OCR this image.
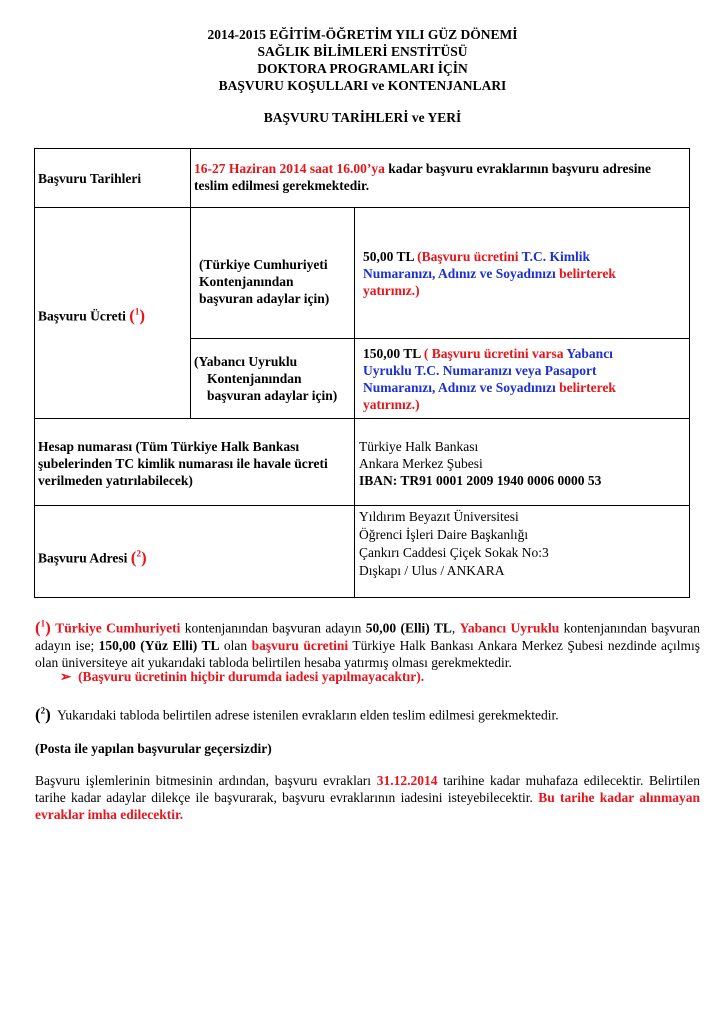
2014-2015 EĞİTİM-ÖĞRETİM YILI GÜZ DÖNEMİ
SAĞLIK BİLİMLERİ ENSTİTÜSÜ
DOKTORA PROGRAMLARI İÇİN
BAŞVURU KOŞULLARI ve KONTENJANLARI
BAŞVURU TARİHLERİ ve YERİ
Başvuru Tarihleri
16-27 Haziran 2014 saat 16.00’ya kadar başvuru evraklarının başvuru adresine teslim edilmesi gerekmektedir.
Başvuru Ücreti ($^1$)
(Türkiye Cumhuriyeti Kontenjanından başvuran adaylar için)
50,00 TL (Başvuru ücretini T.C. Kimlik Numaranızı, Adınız ve Soyadınızı belirterek yatırınız.)
(Yabancı Uyruklu
Kontenjanından başvuran adaylar için)
150,00 TL ( Başvuru ücretini varsa Yabancı Uyruklu T.C. Numaranızı veya Pasaport Numaranızı, Adınız ve Soyadınızı belirterek yatırınız.)
Hesap numarası (Tüm Türkiye Halk Bankası şubelerinden TC kimlik numarası ile havale ücreti verilmeden yatırılabilecek)
Türkiye Halk Bankası
Ankara Merkez Şubesi
IBAN: TR91 0001 2009 1940 0006 0000 53
Başvuru Adresi ($^2$)
Yıldırım Beyazıt Üniversitesi
Öğrenci İşleri Daire Başkanlığı
Çankırı Caddesi Çiçek Sokak No:3
Dışkapı / Ulus / ANKARA
($^1$) Türkiye Cumhuriyeti kontenjanından başvuran adayın 50,00 (Elli) TL, Yabancı Uyruklu kontenjanından başvuran adayın ise; 150,00 (Yüz Elli) TL olan başvuru ücretini Türkiye Halk Bankası Ankara Merkez Şubesi nezdinde açılmış olan üniversiteye ait yukarıdaki tabloda belirtilen hesaba yatırmış olması gerekmektedir.
➢ (Başvuru ücretinin hiçbir durumda iadesi yapılmayacaktır).
($^2$) Yukarıdaki tabloda belirtilen adrese istenilen evrakların elden teslim edilmesi gerekmektedir.
(Posta ile yapılan başvurular geçersizdir)
Başvuru işlemlerinin bitmesinin ardından, başvuru evrakları 31.12.2014 tarihine kadar muhafaza edilecektir. Belirtilen tarihe kadar adaylar dilekçe ile başvurarak, başvuru evraklarının iadesini isteyebilecektir. Bu tarihe kadar alınmayan evraklar imha edilecektir.
